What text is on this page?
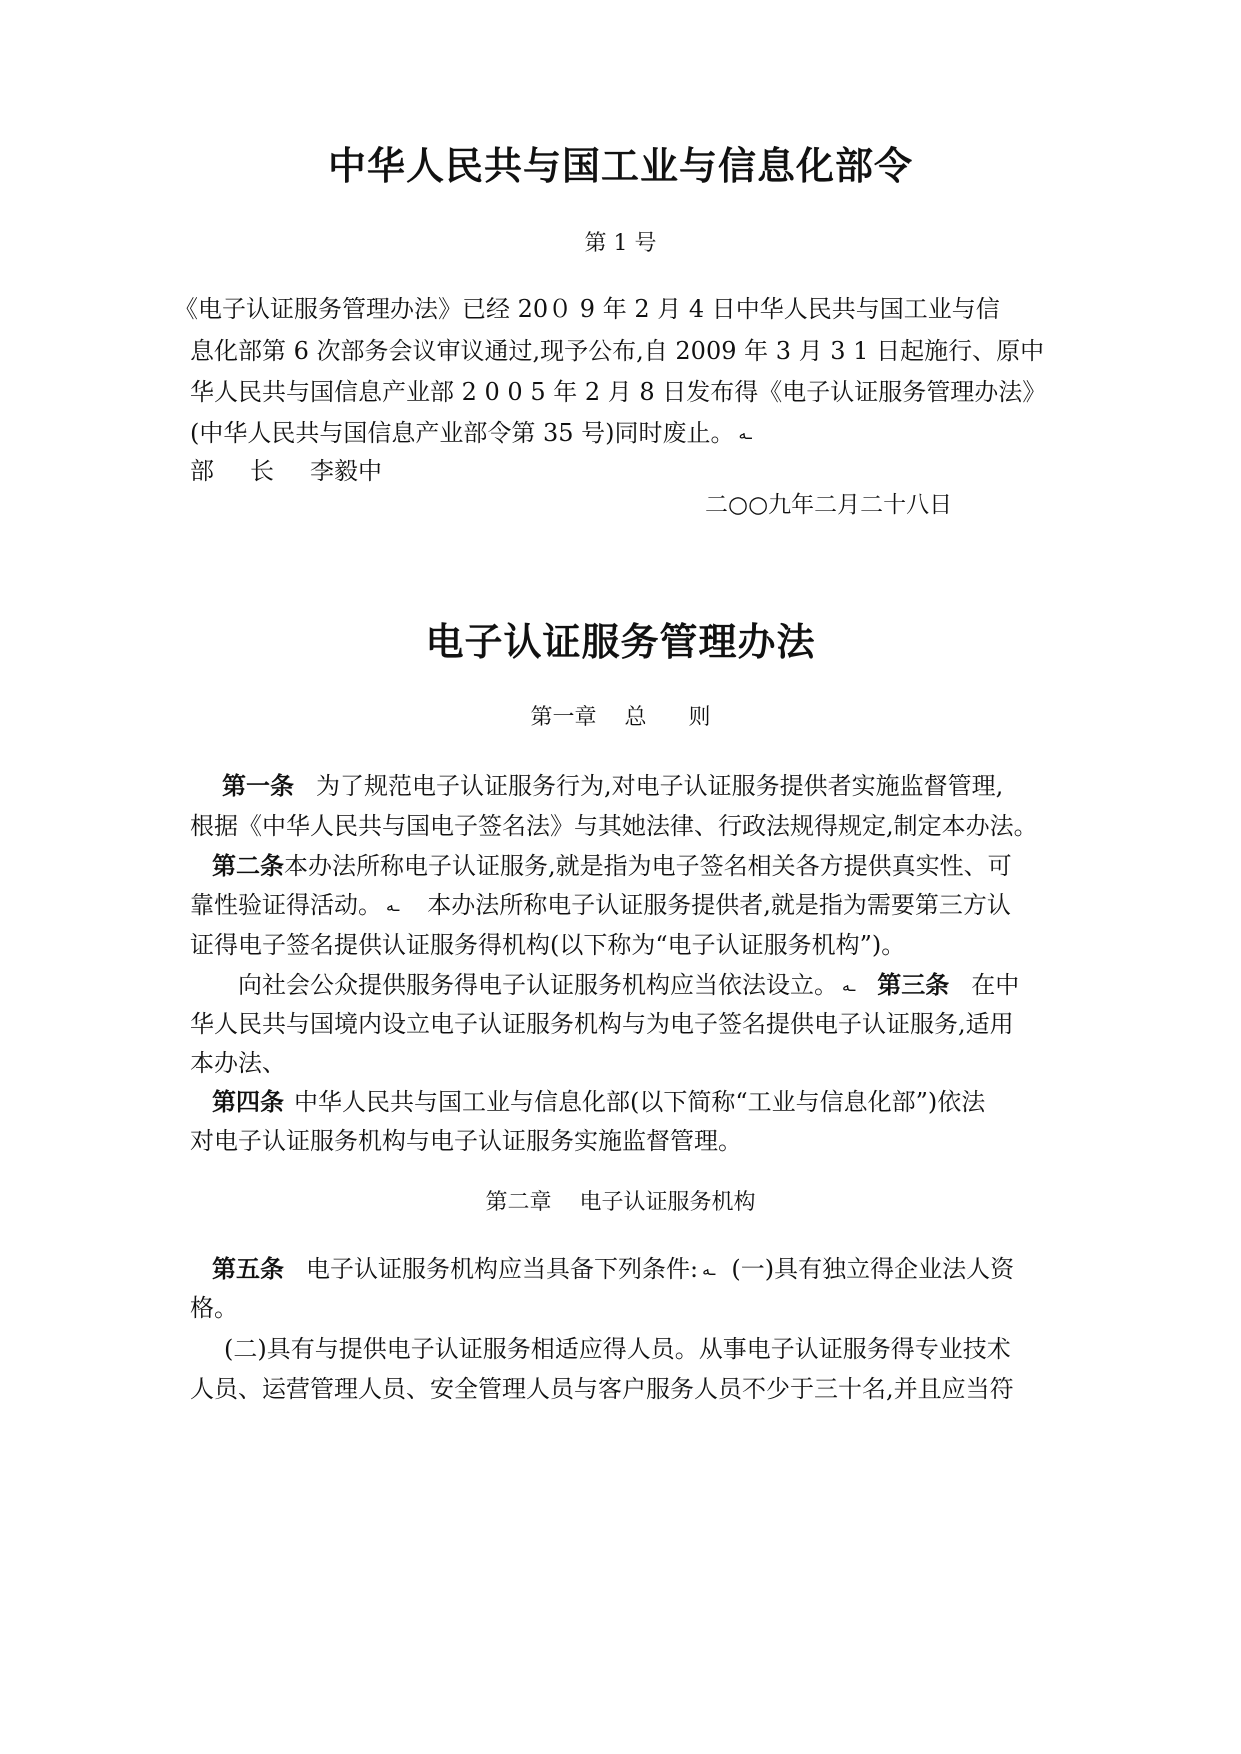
中华人民共与国工业与信息化部令
第 1 号
《电子认证服务管理办法》已经 20０ 9 年 2 月 4 日中华人民共与国工业与信
息化部第 6 次部务会议审议通过,现予公布,自 2009 年 3 月 3 1 日起施行、原中
华人民共与国信息产业部 2 0 0 5 年 2 月 8 日发布得《电子认证服务管理办法》
(中华人民共与国信息产业部令第 35 号)同时废止。 ـه
部 长 李毅中
二○○九年二月二十八日
电子认证服务管理办法
第一章    总      则
第一条 为了规范电子认证服务行为,对电子认证服务提供者实施监督管理,
根据《中华人民共与国电子签名法》与其她法律、行政法规得规定,制定本办法。
第二条本办法所称电子认证服务,就是指为电子签名相关各方提供真实性、可
靠性验证得活动。 ـه 本办法所称电子认证服务提供者,就是指为需要第三方认
证得电子签名提供认证服务得机构(以下称为“电子认证服务机构”)。
向社会公众提供服务得电子认证服务机构应当依法设立。 ـه 第三条 在中
华人民共与国境内设立电子认证服务机构与为电子签名提供电子认证服务,适用
本办法、
第四条 中华人民共与国工业与信息化部(以下简称“工业与信息化部”)依法
对电子认证服务机构与电子认证服务实施监督管理。
第二章    电子认证服务机构
第五条 电子认证服务机构应当具备下列条件: ـه (一)具有独立得企业法人资
格。
(二)具有与提供电子认证服务相适应得人员。从事电子认证服务得专业技术
人员、运营管理人员、安全管理人员与客户服务人员不少于三十名,并且应当符
